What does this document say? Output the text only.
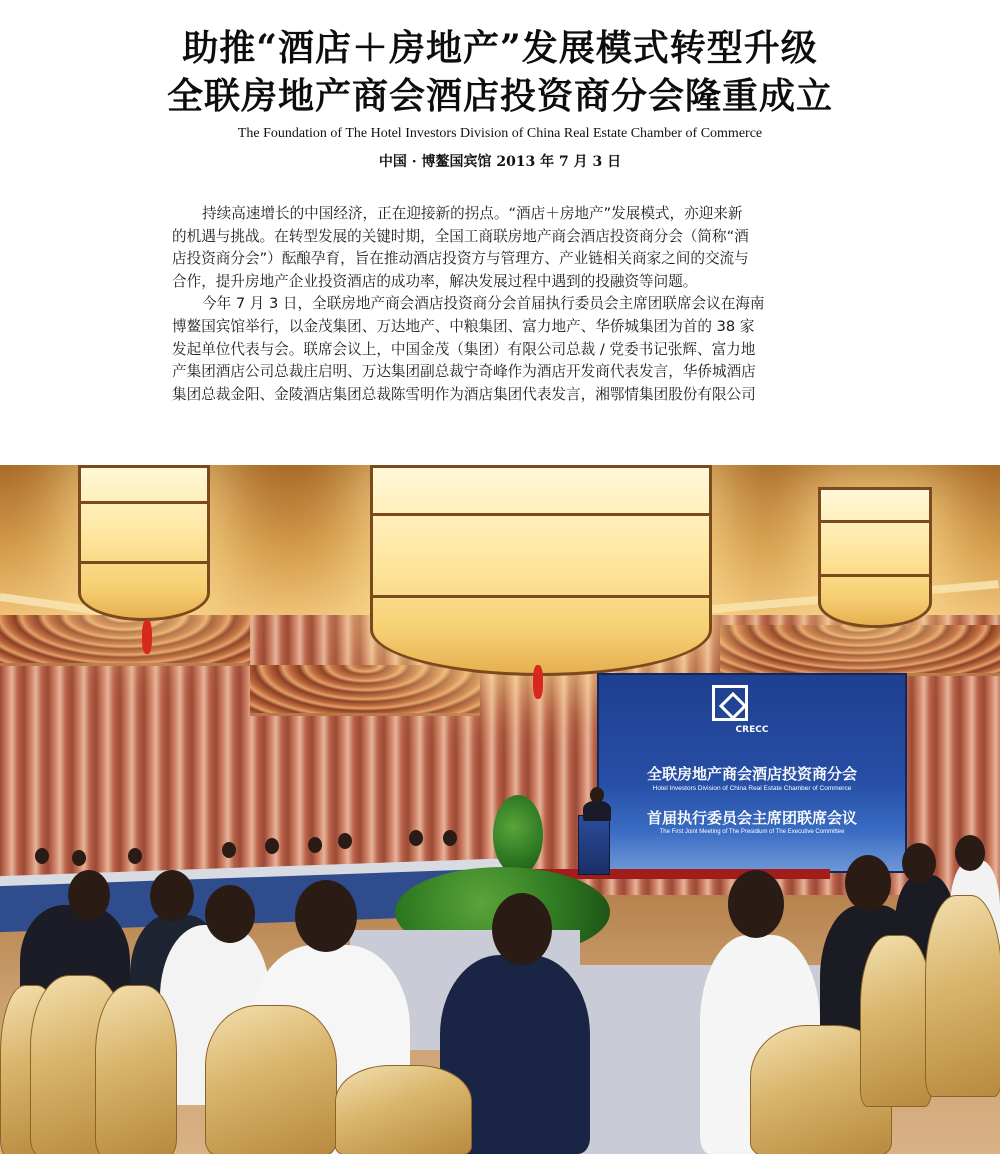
助推“酒店＋房地产”发展模式转型升级
全联房地产商会酒店投资商分会隆重成立
The Foundation of The Hotel Investors Division of China Real Estate Chamber of Commerce
中国 · 博鳌国宾馆 2013 年 7 月 3 日
持续高速增长的中国经济，正在迎接新的拐点。“酒店＋房地产”发展模式，亦迎来新
的机遇与挑战。在转型发展的关键时期，全国工商联房地产商会酒店投资商分会（简称“酒
店投资商分会”）酝酿孕育，旨在推动酒店投资方与管理方、产业链相关商家之间的交流与
合作，提升房地产企业投资酒店的成功率，解决发展过程中遇到的投融资等问题。
今年 7 月 3 日，全联房地产商会酒店投资商分会首届执行委员会主席团联席会议在海南
博鳌国宾馆举行，以金茂集团、万达地产、中粮集团、富力地产、华侨城集团为首的 38 家
发起单位代表与会。联席会议上，中国金茂（集团）有限公司总裁 / 党委书记张辉、富力地
产集团酒店公司总裁庄启明、万达集团副总裁宁奇峰作为酒店开发商代表发言，华侨城酒店
集团总裁金阳、金陵酒店集团总裁陈雪明作为酒店集团代表发言，湘鄂情集团股份有限公司
CRECC
全联房地产商会酒店投资商分会
Hotel Investors Division of China Real Estate Chamber of Commerce
首届执行委员会主席团联席会议
The First Joint Meeting of The Presidium of The Executive Committee
